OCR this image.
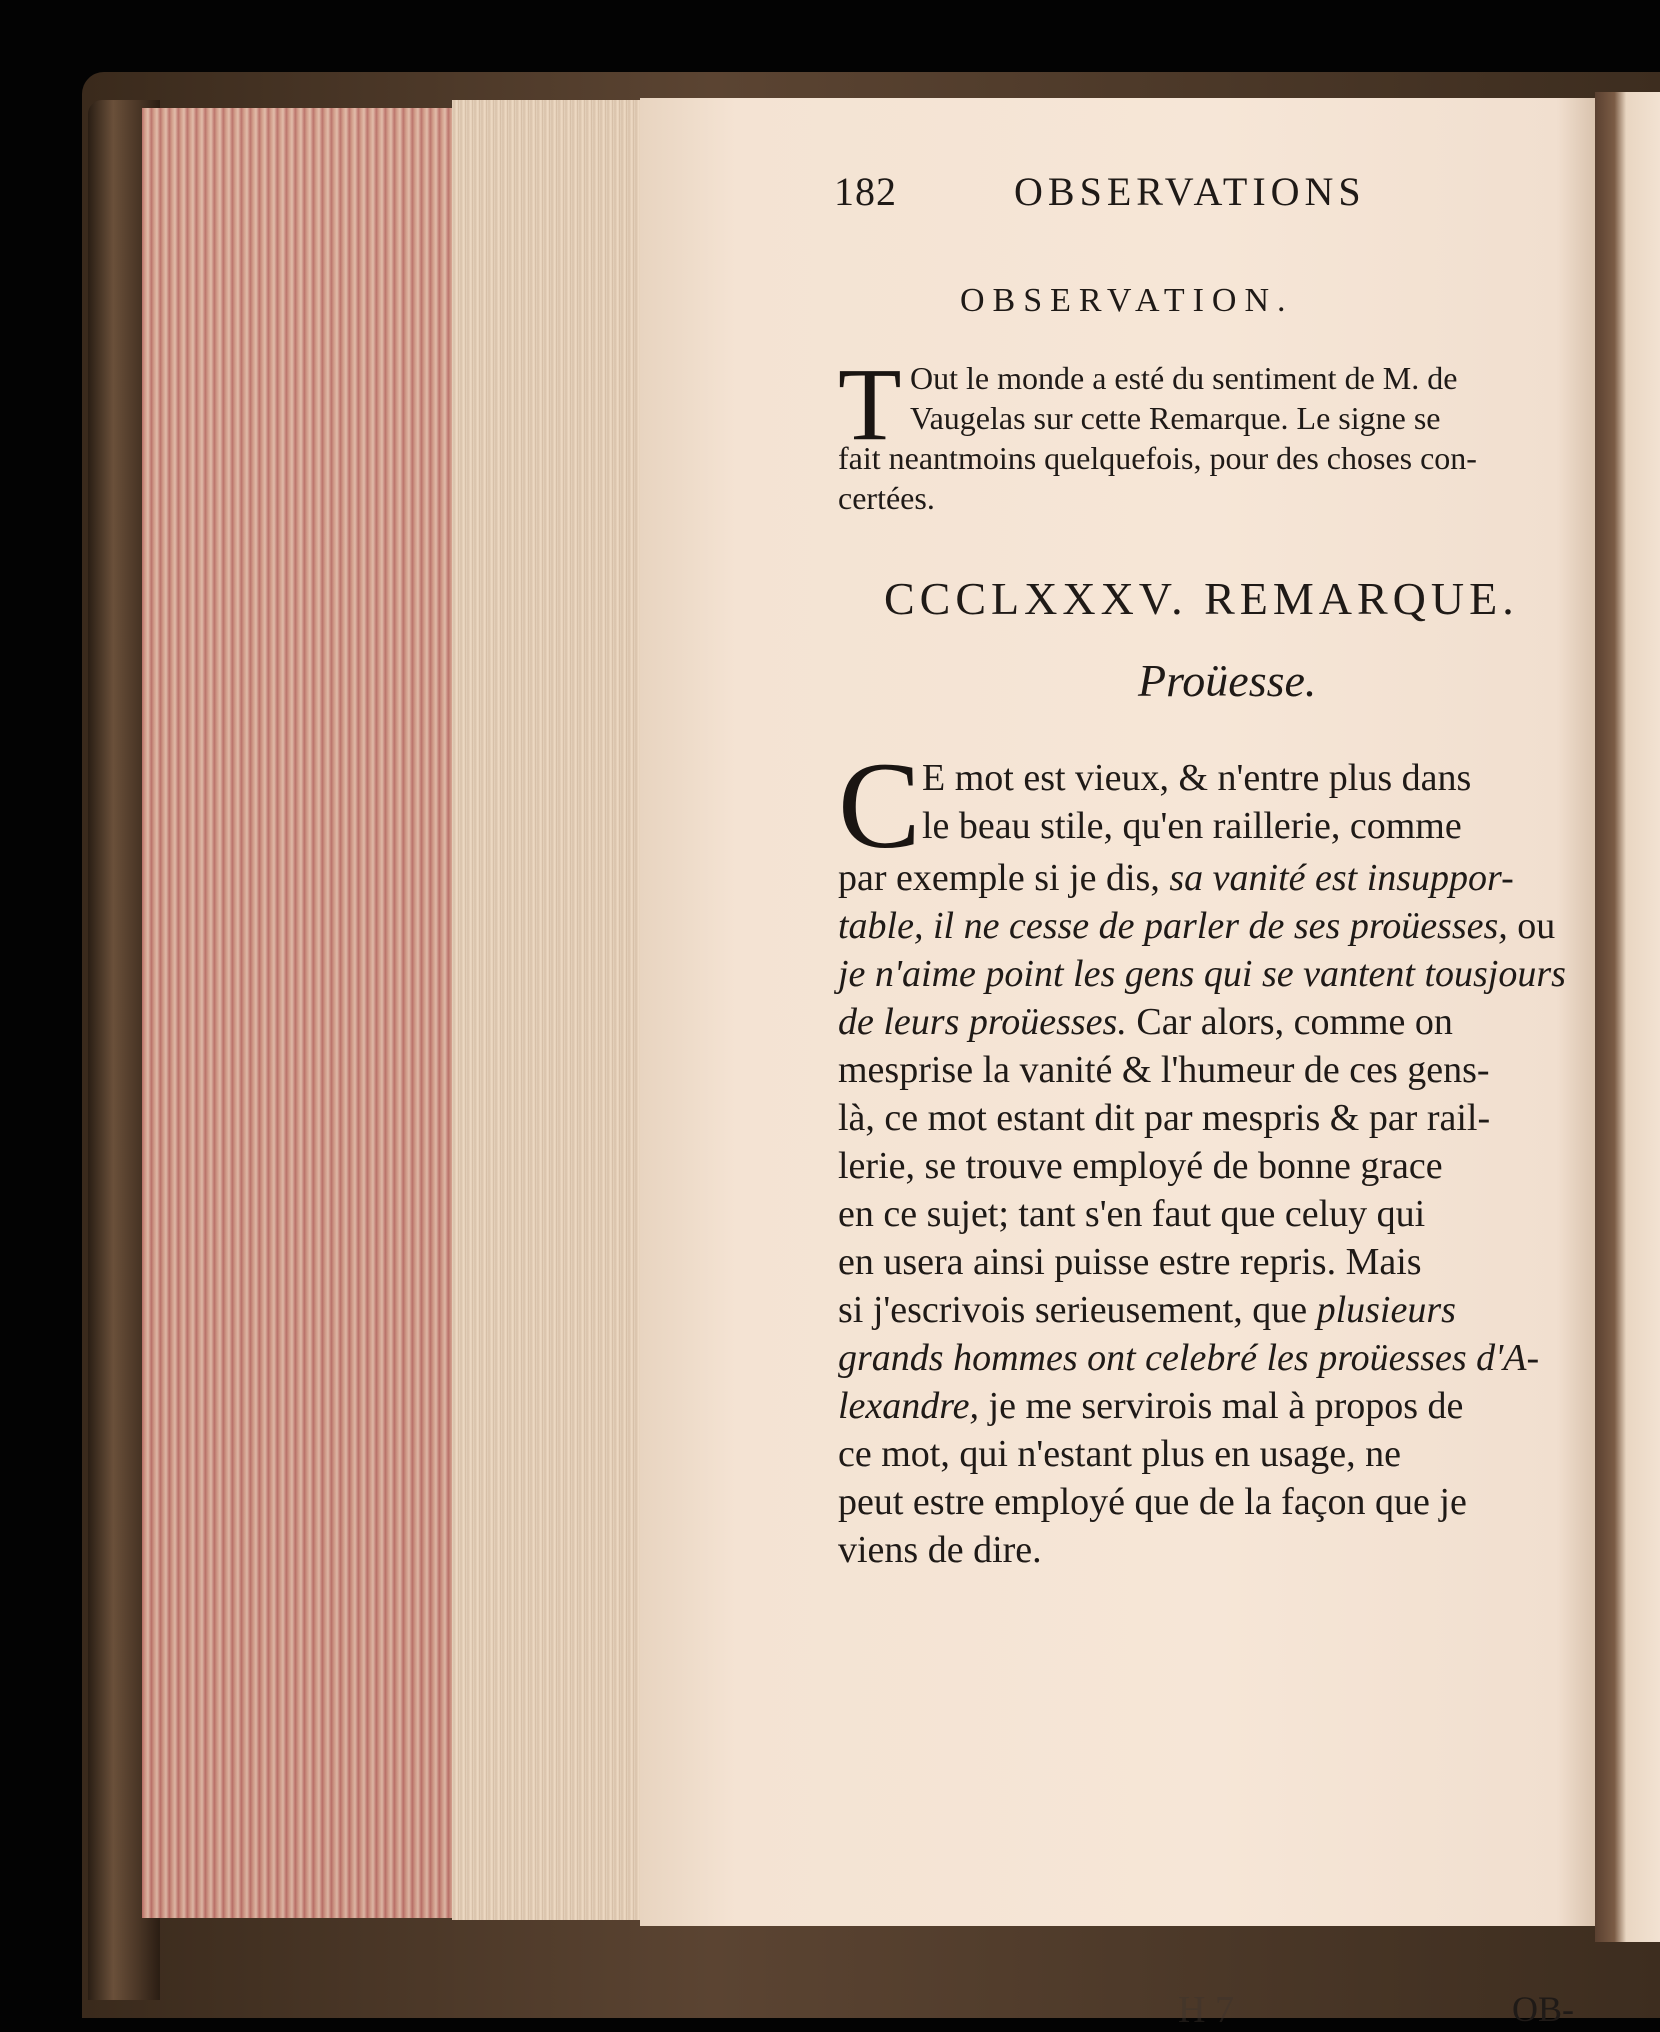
182	OBSERVATIONS
OBSERVATION.
T Out le monde a esté du sentiment de M. de
Vaugelas sur cette Remarque. Le signe se
fait neantmoins quelquefois, pour des choses con-
certées.
CCCLXXXV. REMARQUE.
Proüesse.
C E mot est vieux, & n'entre plus dans
le beau stile, qu'en raillerie, comme
par exemple si je dis, sa vanité est insuppor-
table, il ne cesse de parler de ses proüesses, ou
je n'aime point les gens qui se vantent tousjours
de leurs proüesses. Car alors, comme on
mesprise la vanité & l'humeur de ces gens-
là, ce mot estant dit par mespris & par rail-
lerie, se trouve employé de bonne grace
en ce sujet; tant s'en faut que celuy qui
en usera ainsi puisse estre repris. Mais
si j'escrivois serieusement, que plusieurs
grands hommes ont celebré les proüesses d'A-
lexandre, je me servirois mal à propos de
ce mot, qui n'estant plus en usage, ne
peut estre employé que de la façon que je
viens de dire.
H 7	OB-
